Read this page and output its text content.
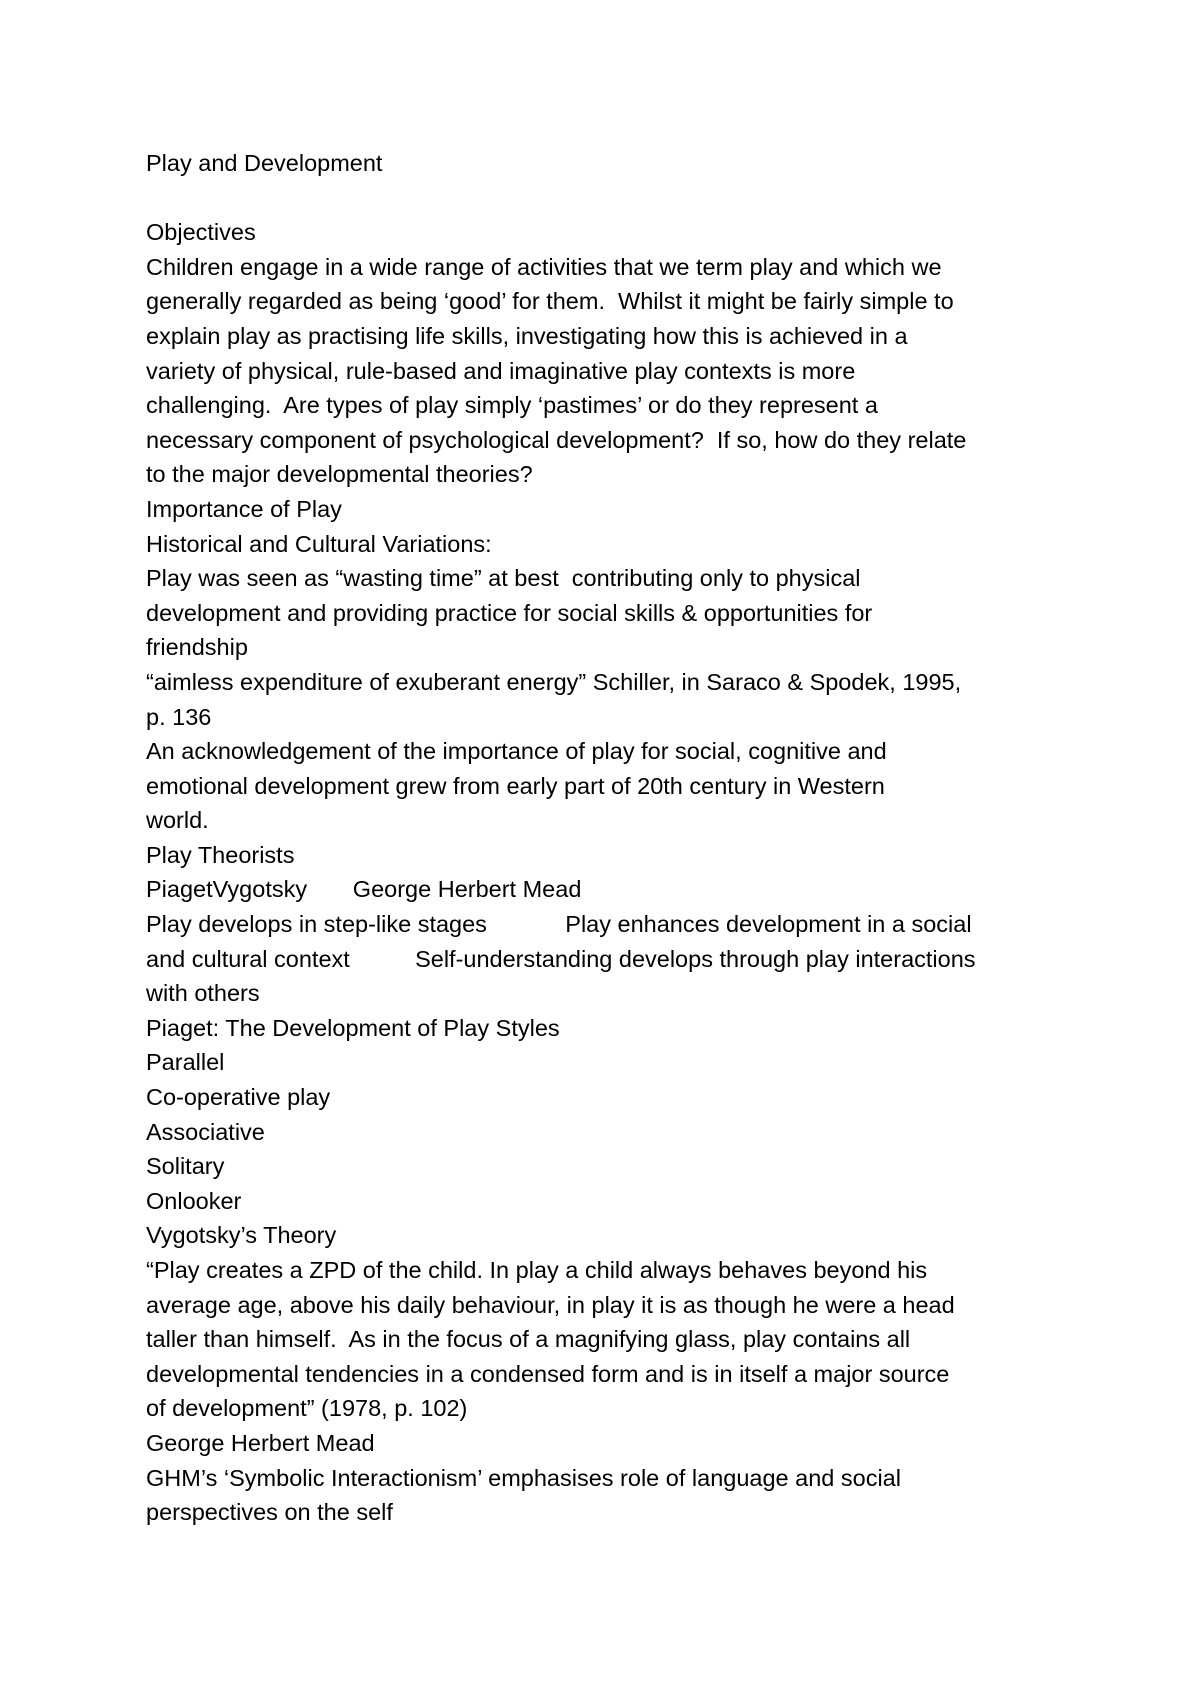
Play and Development
Objectives
Children engage in a wide range of activities that we term play and which we
generally regarded as being ‘good’ for them.  Whilst it might be fairly simple to
explain play as practising life skills, investigating how this is achieved in a
variety of physical, rule-based and imaginative play contexts is more
challenging.  Are types of play simply ‘pastimes’ or do they represent a
necessary component of psychological development?  If so, how do they relate
to the major developmental theories?
Importance of Play
Historical and Cultural Variations:
Play was seen as “wasting time” at best  contributing only to physical
development and providing practice for social skills & opportunities for
friendship
“aimless expenditure of exuberant energy” Schiller, in Saraco & Spodek, 1995,
p. 136
An acknowledgement of the importance of play for social, cognitive and
emotional development grew from early part of 20th century in Western
world.
Play Theorists
PiagetVygotsky       George Herbert Mead
Play develops in step-like stages            Play enhances development in a social
and cultural context          Self-understanding develops through play interactions
with others
Piaget: The Development of Play Styles
Parallel
Co-operative play
Associative
Solitary
Onlooker
Vygotsky’s Theory
“Play creates a ZPD of the child. In play a child always behaves beyond his
average age, above his daily behaviour, in play it is as though he were a head
taller than himself.  As in the focus of a magnifying glass, play contains all
developmental tendencies in a condensed form and is in itself a major source
of development” (1978, p. 102)
George Herbert Mead
GHM’s ‘Symbolic Interactionism’ emphasises role of language and social
perspectives on the self
